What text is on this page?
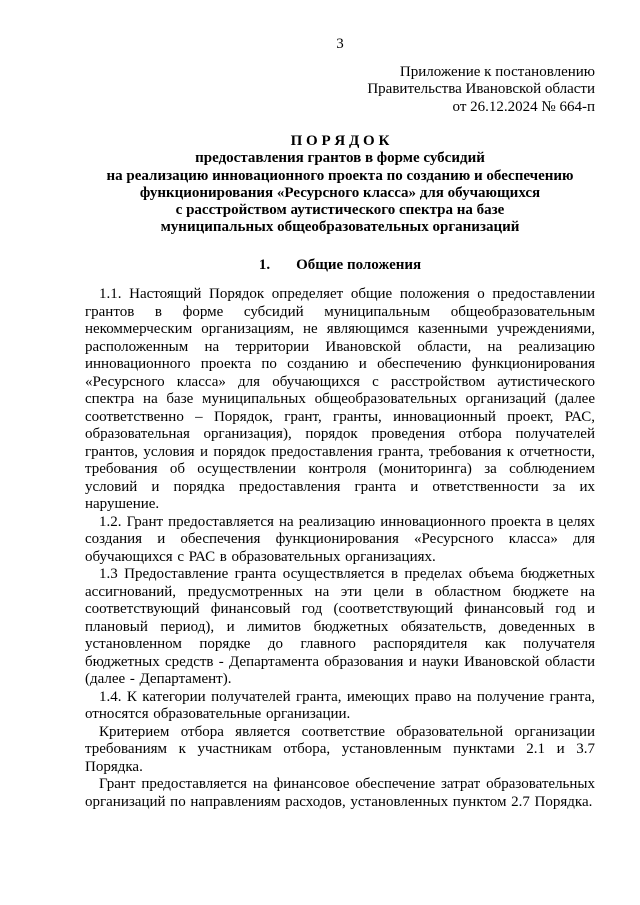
3
Приложение к постановлению
Правительства Ивановской области
от 26.12.2024 № 664-п
П О Р Я Д О К
предоставления грантов в форме субсидий
на реализацию инновационного проекта по созданию и обеспечению
функционирования «Ресурсного класса» для обучающихся
с расстройством аутистического спектра на базе
муниципальных общеобразовательных организаций
1. Общие положения

1.1. Настоящий Порядок определяет общие положения о предоставлении грантов в форме субсидий муниципальным общеобразовательным некоммерческим организациям, не являющимся казенными учреждениями, расположенным на территории Ивановской области, на реализацию инновационного проекта по созданию и обеспечению функционирования «Ресурсного класса» для обучающихся с расстройством аутистического спектра на базе муниципальных общеобразовательных организаций (далее соответственно – Порядок, грант, гранты, инновационный проект, РАС, образовательная организация), порядок проведения отбора получателей грантов, условия и порядок предоставления гранта, требования к отчетности, требования об осуществлении контроля (мониторинга) за соблюдением условий и порядка предоставления гранта и ответственности за их нарушение.

1.2. Грант предоставляется на реализацию инновационного проекта в целях создания и обеспечения функционирования «Ресурсного класса» для обучающихся с РАС в образовательных организациях.

1.3 Предоставление гранта осуществляется в пределах объема бюджетных ассигнований, предусмотренных на эти цели в областном бюджете на соответствующий финансовый год (соответствующий финансовый год и плановый период), и лимитов бюджетных обязательств, доведенных в установленном порядке до главного распорядителя как получателя бюджетных средств - Департамента образования и науки Ивановской области (далее - Департамент).

1.4. К категории получателей гранта, имеющих право на получение гранта, относятся образовательные организации.

Критерием отбора является соответствие образовательной организации требованиям к участникам отбора, установленным пунктами 2.1 и 3.7 Порядка.

Грант предоставляется на финансовое обеспечение затрат образовательных организаций по направлениям расходов, установленных пунктом 2.7 Порядка.
